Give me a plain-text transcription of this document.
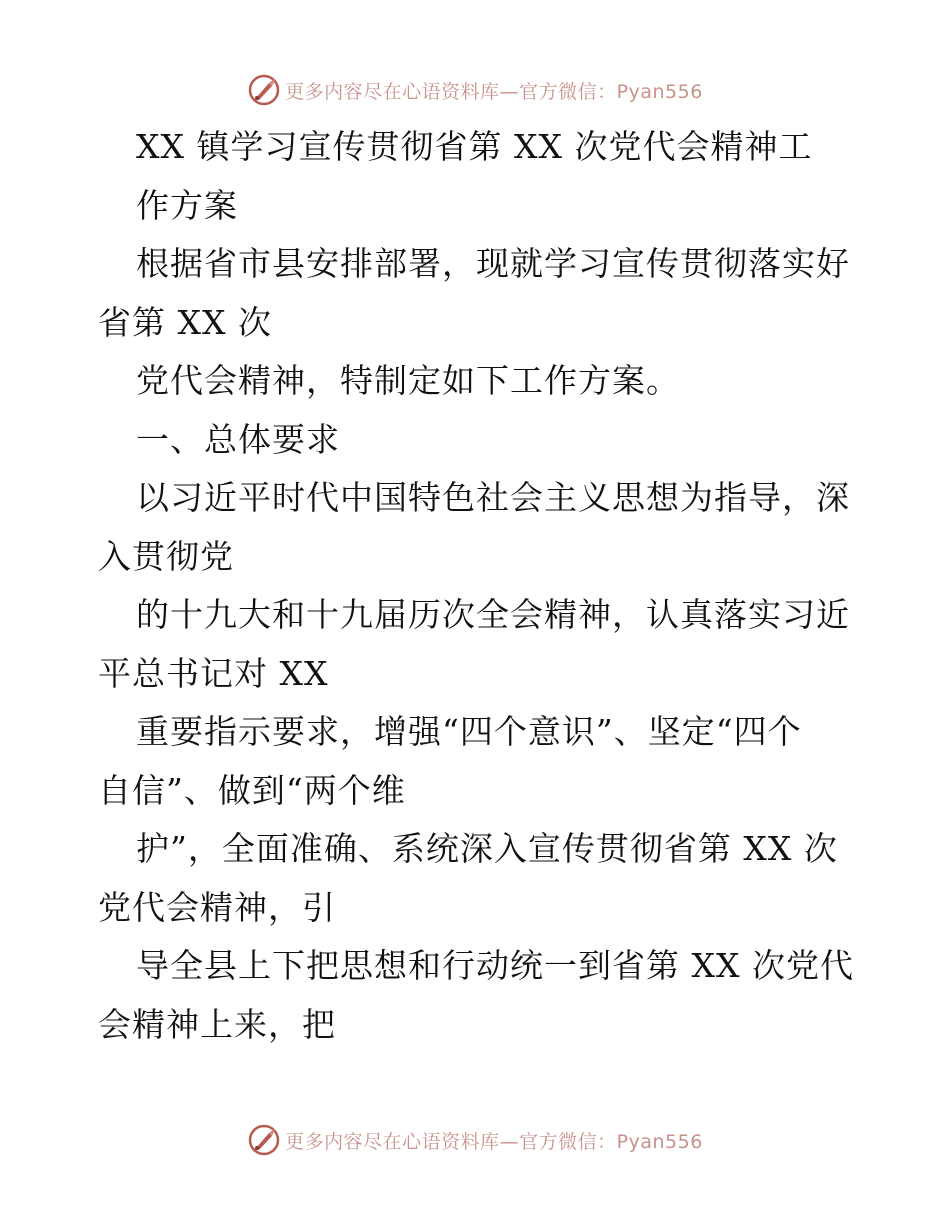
更多内容尽在心语资料库—官方微信：Pyan556
XX 镇学习宣传贯彻省第 XX 次党代会精神工
作方案
根据省市县安排部署，现就学习宣传贯彻落实好
省第 XX 次
党代会精神，特制定如下工作方案。
一、总体要求
以习近平时代中国特色社会主义思想为指导，深
入贯彻党
的十九大和十九届历次全会精神，认真落实习近
平总书记对 XX
重要指示要求，增强“四个意识”、坚定“四个
自信”、做到“两个维
护”，全面准确、系统深入宣传贯彻省第 XX 次
党代会精神，引
导全县上下把思想和行动统一到省第 XX 次党代
会精神上来，把
更多内容尽在心语资料库—官方微信：Pyan556
